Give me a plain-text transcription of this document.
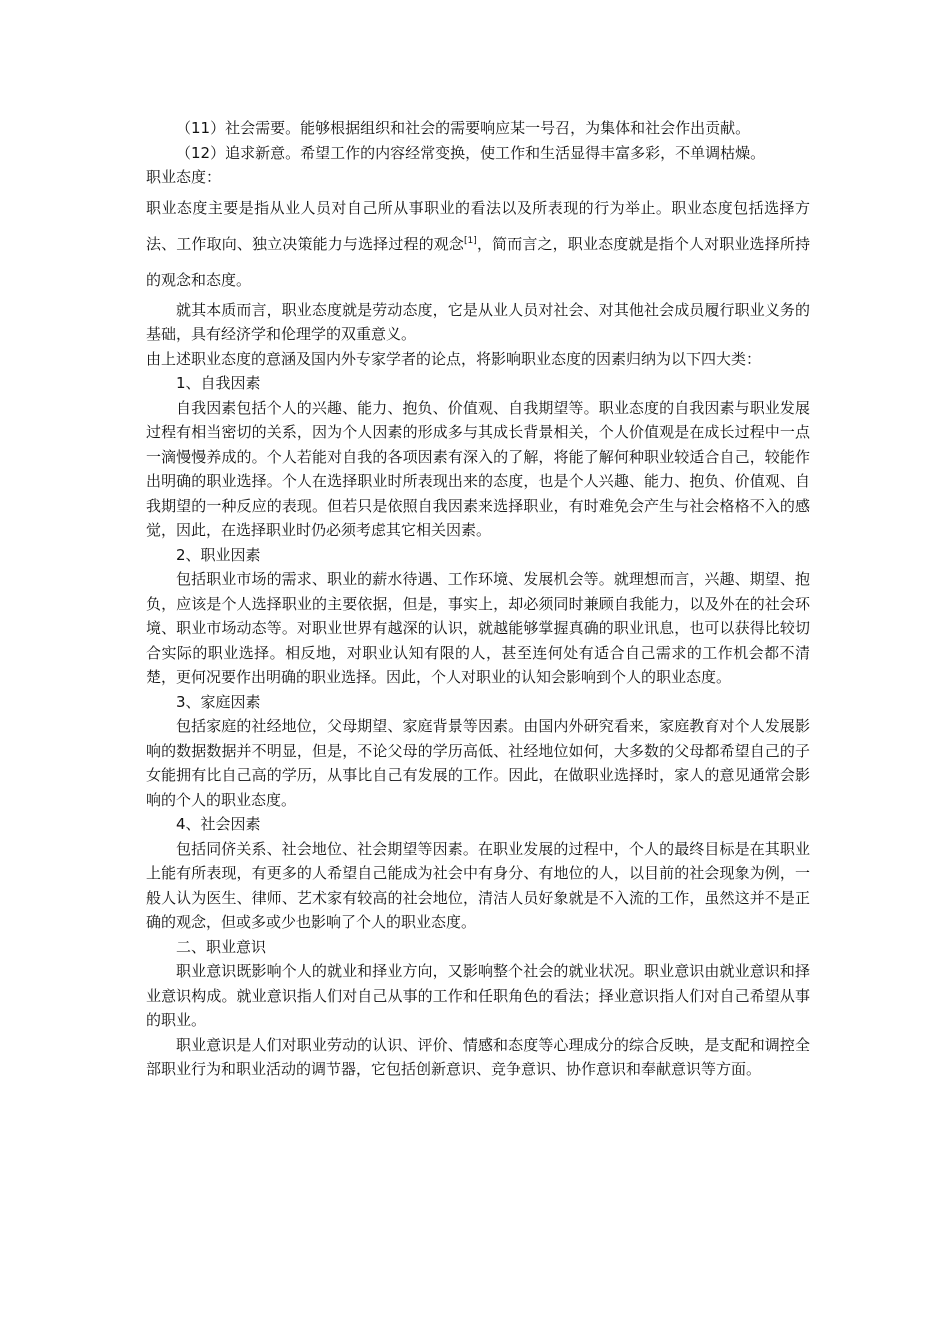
（11）社会需要。能够根据组织和社会的需要响应某一号召，为集体和社会作出贡献。

（12）追求新意。希望工作的内容经常变换，使工作和生活显得丰富多彩，不单调枯燥。

职业态度：

职业态度主要是指从业人员对自己所从事职业的看法以及所表现的行为举止。职业态度包括选择方法、工作取向、独立决策能力与选择过程的观念[1]，简而言之，职业态度就是指个人对职业选择所持的观念和态度。

就其本质而言，职业态度就是劳动态度，它是从业人员对社会、对其他社会成员履行职业义务的基础，具有经济学和伦理学的双重意义。

由上述职业态度的意涵及国内外专家学者的论点，将影响职业态度的因素归纳为以下四大类：

1、自我因素

自我因素包括个人的兴趣、能力、抱负、价值观、自我期望等。职业态度的自我因素与职业发展过程有相当密切的关系，因为个人因素的形成多与其成长背景相关，个人价值观是在成长过程中一点一滴慢慢养成的。个人若能对自我的各项因素有深入的了解，将能了解何种职业较适合自己，较能作出明确的职业选择。个人在选择职业时所表现出来的态度，也是个人兴趣、能力、抱负、价值观、自我期望的一种反应的表现。但若只是依照自我因素来选择职业，有时难免会产生与社会格格不入的感觉，因此，在选择职业时仍必须考虑其它相关因素。

2、职业因素

包括职业市场的需求、职业的薪水待遇、工作环境、发展机会等。就理想而言，兴趣、期望、抱负，应该是个人选择职业的主要依据，但是，事实上，却必须同时兼顾自我能力，以及外在的社会环境、职业市场动态等。对职业世界有越深的认识，就越能够掌握真确的职业讯息，也可以获得比较切合实际的职业选择。相反地，对职业认知有限的人，甚至连何处有适合自己需求的工作机会都不清楚，更何况要作出明确的职业选择。因此，个人对职业的认知会影响到个人的职业态度。

3、家庭因素

包括家庭的社经地位，父母期望、家庭背景等因素。由国内外研究看来，家庭教育对个人发展影响的数据数据并不明显，但是，不论父母的学历高低、社经地位如何，大多数的父母都希望自己的子女能拥有比自己高的学历，从事比自己有发展的工作。因此，在做职业选择时，家人的意见通常会影响的个人的职业态度。

4、社会因素

包括同侪关系、社会地位、社会期望等因素。在职业发展的过程中，个人的最终目标是在其职业上能有所表现，有更多的人希望自己能成为社会中有身分、有地位的人，以目前的社会现象为例，一般人认为医生、律师、艺术家有较高的社会地位，清洁人员好象就是不入流的工作，虽然这并不是正确的观念，但或多或少也影响了个人的职业态度。

二、职业意识

职业意识既影响个人的就业和择业方向，又影响整个社会的就业状况。职业意识由就业意识和择业意识构成。就业意识指人们对自己从事的工作和任职角色的看法；择业意识指人们对自己希望从事的职业。

职业意识是人们对职业劳动的认识、评价、情感和态度等心理成分的综合反映，是支配和调控全部职业行为和职业活动的调节器，它包括创新意识、竞争意识、协作意识和奉献意识等方面。
